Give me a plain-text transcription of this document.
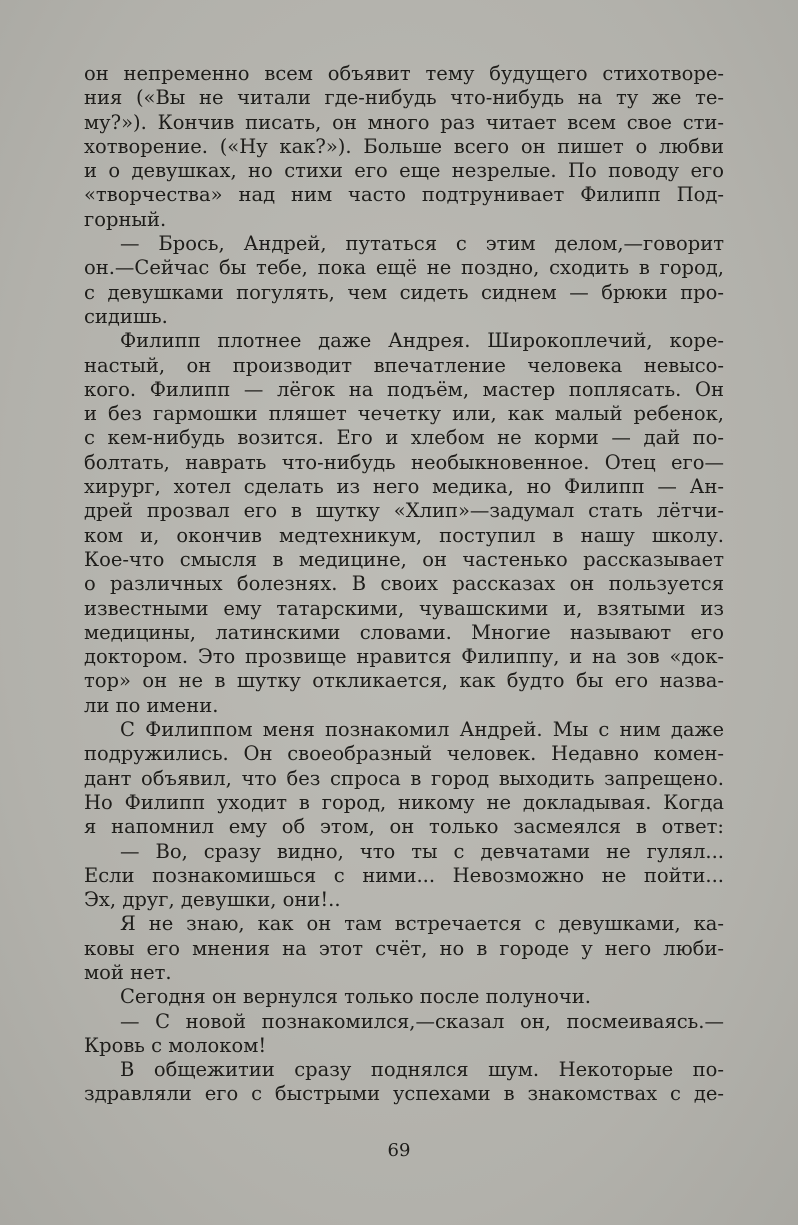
он непременно всем объявит тему будущего стихотворе-
ния («Вы не читали где-нибудь что-нибудь на ту же те-
му?»). Кончив писать, он много раз читает всем свое сти-
хотворение. («Ну как?»). Больше всего он пишет о любви
и о девушках, но стихи его еще незрелые. По поводу его
«творчества» над ним часто подтрунивает Филипп Под-
горный.
— Брось, Андрей, путаться с этим делом,—говорит
он.—Сейчас бы тебе, пока ещё не поздно, сходить в город,
с девушками погулять, чем сидеть сиднем — брюки про-
сидишь.
Филипп плотнее даже Андрея. Широкоплечий, коре-
настый, он производит впечатление человека невысо-
кого. Филипп — лёгок на подъём, мастер поплясать. Он
и без гармошки пляшет чечетку или, как малый ребенок,
с кем-нибудь возится. Его и хлебом не корми — дай по-
болтать, наврать что-нибудь необыкновенное. Отец его—
хирург, хотел сделать из него медика, но Филипп — Ан-
дрей прозвал его в шутку «Хлип»—задумал стать лётчи-
ком и, окончив медтехникум, поступил в нашу школу.
Кое-что смысля в медицине, он частенько рассказывает
о различных болезнях. В своих рассказах он пользуется
известными ему татарскими, чувашскими и, взятыми из
медицины, латинскими словами. Многие называют его
доктором. Это прозвище нравится Филиппу, и на зов «док-
тор» он не в шутку откликается, как будто бы его назва-
ли по имени.
С Филиппом меня познакомил Андрей. Мы с ним даже
подружились. Он своеобразный человек. Недавно комен-
дант объявил, что без спроса в город выходить запрещено.
Но Филипп уходит в город, никому не докладывая. Когда
я напомнил ему об этом, он только засмеялся в ответ:
— Во, сразу видно, что ты с девчатами не гулял...
Если познакомишься с ними... Невозможно не пойти...
Эх, друг, девушки, они!..
Я не знаю, как он там встречается с девушками, ка-
ковы его мнения на этот счёт, но в городе у него люби-
мой нет.
Сегодня он вернулся только после полуночи.
— С новой познакомился,—сказал он, посмеиваясь.—
Кровь с молоком!
В общежитии сразу поднялся шум. Некоторые по-
здравляли его с быстрыми успехами в знакомствах с де-
69
